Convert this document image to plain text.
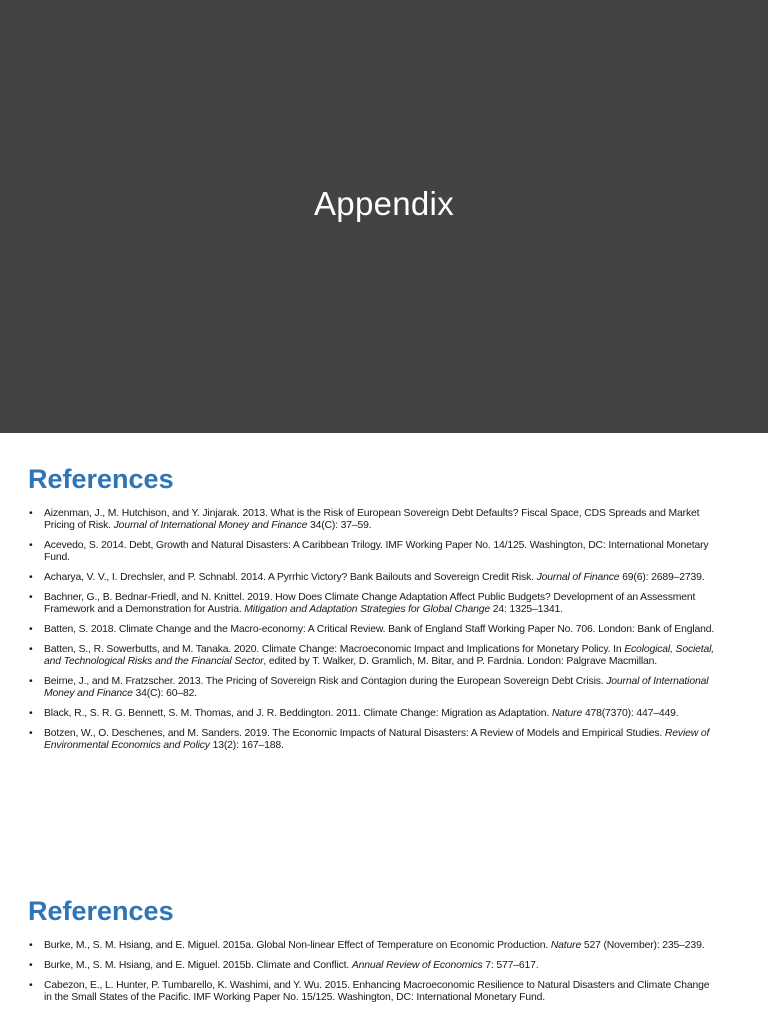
Appendix
References
• Aizenman, J., M. Hutchison, and Y. Jinjarak. 2013. What is the Risk of European Sovereign Debt Defaults? Fiscal Space, CDS Spreads and Market Pricing of Risk. Journal of International Money and Finance 34(C): 37–59.
• Acevedo, S. 2014. Debt, Growth and Natural Disasters: A Caribbean Trilogy. IMF Working Paper No. 14/125. Washington, DC: International Monetary Fund.
• Acharya, V. V., I. Drechsler, and P. Schnabl. 2014. A Pyrrhic Victory? Bank Bailouts and Sovereign Credit Risk. Journal of Finance 69(6): 2689–2739.
• Bachner, G., B. Bednar-Friedl, and N. Knittel. 2019. How Does Climate Change Adaptation Affect Public Budgets? Development of an Assessment Framework and a Demonstration for Austria. Mitigation and Adaptation Strategies for Global Change 24: 1325–1341.
• Batten, S. 2018. Climate Change and the Macro-economy: A Critical Review. Bank of England Staff Working Paper No. 706. London: Bank of England.
• Batten, S., R. Sowerbutts, and M. Tanaka. 2020. Climate Change: Macroeconomic Impact and Implications for Monetary Policy. In Ecological, Societal, and Technological Risks and the Financial Sector, edited by T. Walker, D. Gramlich, M. Bitar, and P. Fardnia. London: Palgrave Macmillan.
• Beirne, J., and M. Fratzscher. 2013. The Pricing of Sovereign Risk and Contagion during the European Sovereign Debt Crisis. Journal of International Money and Finance 34(C): 60–82.
• Black, R., S. R. G. Bennett, S. M. Thomas, and J. R. Beddington. 2011. Climate Change: Migration as Adaptation. Nature 478(7370): 447–449.
• Botzen, W., O. Deschenes, and M. Sanders. 2019. The Economic Impacts of Natural Disasters: A Review of Models and Empirical Studies. Review of Environmental Economics and Policy 13(2): 167–188.
References
• Burke, M., S. M. Hsiang, and E. Miguel. 2015a. Global Non-linear Effect of Temperature on Economic Production. Nature 527 (November): 235–239.
• Burke, M., S. M. Hsiang, and E. Miguel. 2015b. Climate and Conflict. Annual Review of Economics 7: 577–617.
• Cabezon, E., L. Hunter, P. Tumbarello, K. Washimi, and Y. Wu. 2015. Enhancing Macroeconomic Resilience to Natural Disasters and Climate Change in the Small States of the Pacific. IMF Working Paper No. 15/125. Washington, DC: International Monetary Fund.
